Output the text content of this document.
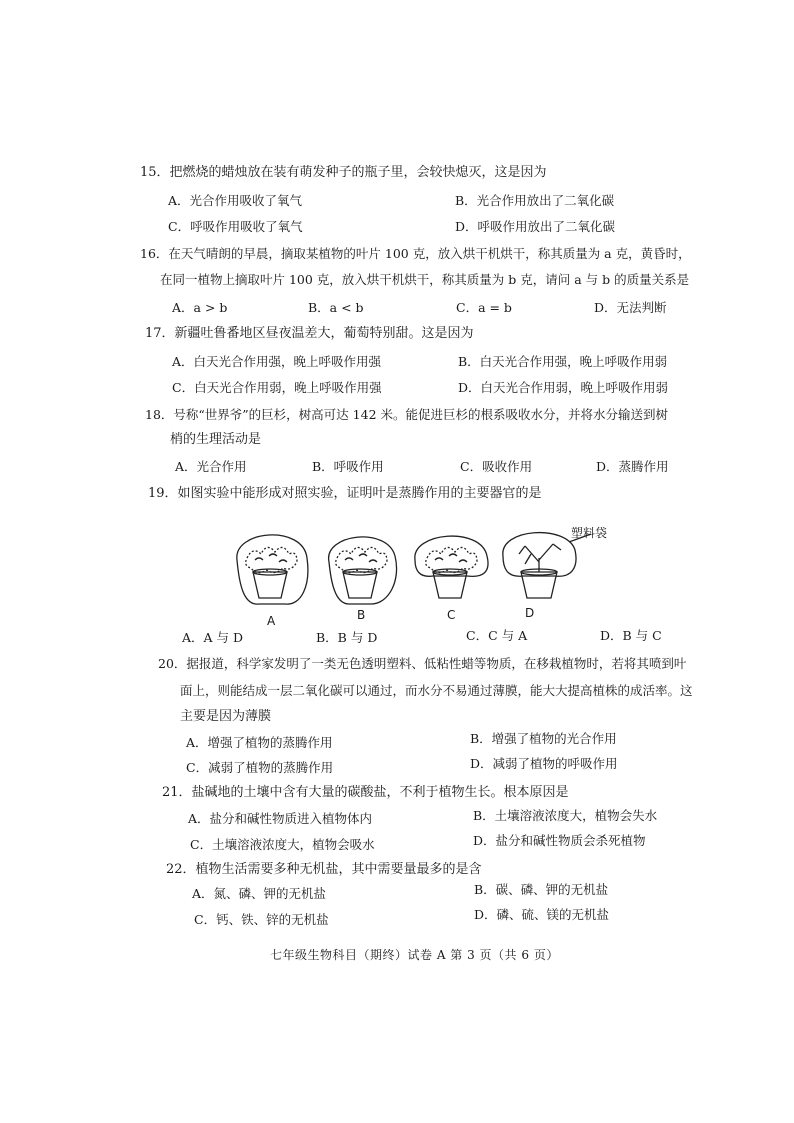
15．把燃烧的蜡烛放在装有萌发种子的瓶子里，会较快熄灭，这是因为
A．光合作用吸收了氧气	B．光合作用放出了二氧化碳
C．呼吸作用吸收了氧气	D．呼吸作用放出了二氧化碳
16．在天气晴朗的早晨，摘取某植物的叶片 100 克，放入烘干机烘干，称其质量为 a 克，黄昏时，
在同一植物上摘取叶片 100 克，放入烘干机烘干，称其质量为 b 克，请问 a 与 b 的质量关系是
A．a > b	B．a < b	C．a = b	D．无法判断
17．新疆吐鲁番地区昼夜温差大，葡萄特别甜。这是因为
A．白天光合作用强，晚上呼吸作用强	B．白天光合作用强，晚上呼吸作用弱
C．白天光合作用弱，晚上呼吸作用强	D．白天光合作用弱，晚上呼吸作用弱
18．号称“世界爷”的巨杉，树高可达 142 米。能促进巨杉的根系吸收水分，并将水分输送到树
梢的生理活动是
A．光合作用	B．呼吸作用	C．吸收作用	D．蒸腾作用
19．如图实验中能形成对照实验，证明叶是蒸腾作用的主要器官的是
A	B	C	D
塑料袋
A．A 与 D	B．B 与 D	C．C 与 A	D．B 与 C
20．据报道，科学家发明了一类无色透明塑料、低粘性蜡等物质，在移栽植物时，若将其喷到叶
面上，则能结成一层二氧化碳可以通过，而水分不易通过薄膜，能大大提高植株的成活率。这
主要是因为薄膜
A．增强了植物的蒸腾作用	B．增强了植物的光合作用
C．减弱了植物的蒸腾作用	D．减弱了植物的呼吸作用
21．盐碱地的土壤中含有大量的碳酸盐，不利于植物生长。根本原因是
A．盐分和碱性物质进入植物体内	B．土壤溶液浓度大，植物会失水
C．土壤溶液浓度大，植物会吸水	D．盐分和碱性物质会杀死植物
22．植物生活需要多种无机盐，其中需要量最多的是含
A．氮、磷、钾的无机盐	B．碳、磷、钾的无机盐
C．钙、铁、锌的无机盐	D．磷、硫、镁的无机盐
七年级生物科目（期终）试卷 A 第 3 页（共 6 页）
